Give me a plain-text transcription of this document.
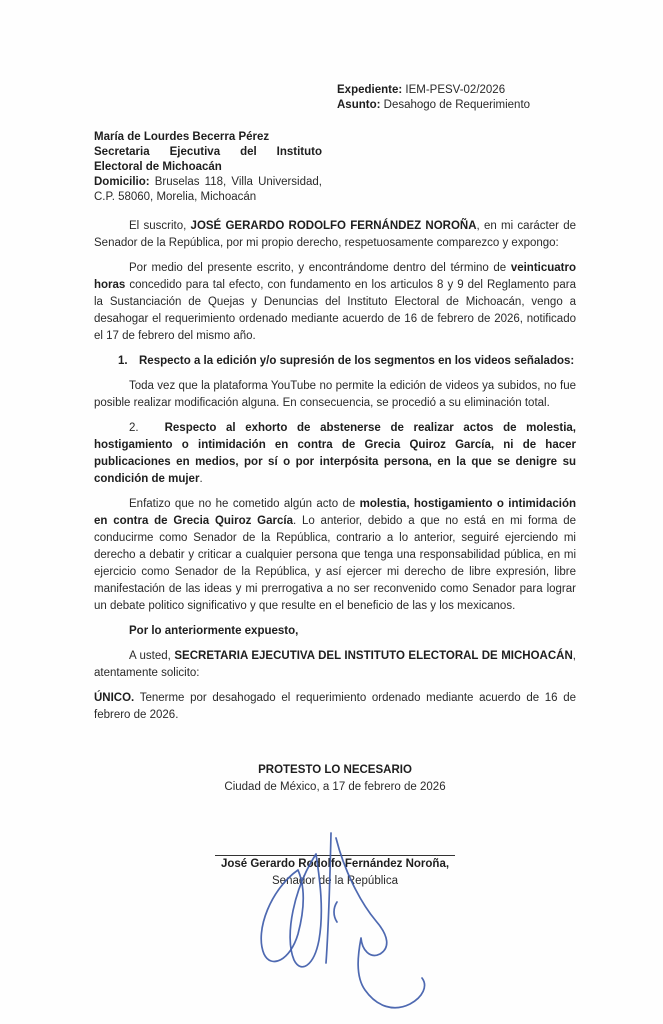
Expediente: IEM-PESV-02/2026
Asunto: Desahogo de Requerimiento
María de Lourdes Becerra Pérez
Secretaria Ejecutiva del Instituto Electoral de Michoacán
Domicilio: Bruselas 118, Villa Universidad, C.P. 58060, Morelia, Michoacán

El suscrito, JOSÉ GERARDO RODOLFO FERNÁNDEZ NOROÑA, en mi carácter de Senador de la República, por mi propio derecho, respetuosamente comparezco y expongo:

Por medio del presente escrito, y encontrándome dentro del término de veinticuatro horas concedido para tal efecto, con fundamento en los articulos 8 y 9 del Reglamento para la Sustanciación de Quejas y Denuncias del Instituto Electoral de Michoacán, vengo a desahogar el requerimiento ordenado mediante acuerdo de 16 de febrero de 2026, notificado el 17 de febrero del mismo año.

1. Respecto a la edición y/o supresión de los segmentos en los videos señalados:

Toda vez que la plataforma YouTube no permite la edición de videos ya subidos, no fue posible realizar modificación alguna. En consecuencia, se procedió a su eliminación total.

2. Respecto al exhorto de abstenerse de realizar actos de molestia, hostigamiento o intimidación en contra de Grecia Quiroz García, ni de hacer publicaciones en medios, por sí o por interpósita persona, en la que se denigre su condición de mujer.

Enfatizo que no he cometido algún acto de molestia, hostigamiento o intimidación en contra de Grecia Quiroz García. Lo anterior, debido a que no está en mi forma de conducirme como Senador de la República, contrario a lo anterior, seguiré ejerciendo mi derecho a debatir y criticar a cualquier persona que tenga una responsabilidad pública, en mi ejercicio como Senador de la República, y así ejercer mi derecho de libre expresión, libre manifestación de las ideas y mi prerrogativa a no ser reconvenido como Senador para lograr un debate politico significativo y que resulte en el beneficio de las y los mexicanos.

Por lo anteriormente expuesto,

A usted, SECRETARIA EJECUTIVA DEL INSTITUTO ELECTORAL DE MICHOACÁN, atentamente solicito:

ÚNICO. Tenerme por desahogado el requerimiento ordenado mediante acuerdo de 16 de febrero de 2026.

PROTESTO LO NECESARIO
Ciudad de México, a 17 de febrero de 2026
José Gerardo Rodolfo Fernández Noroña,
Senador de la República
